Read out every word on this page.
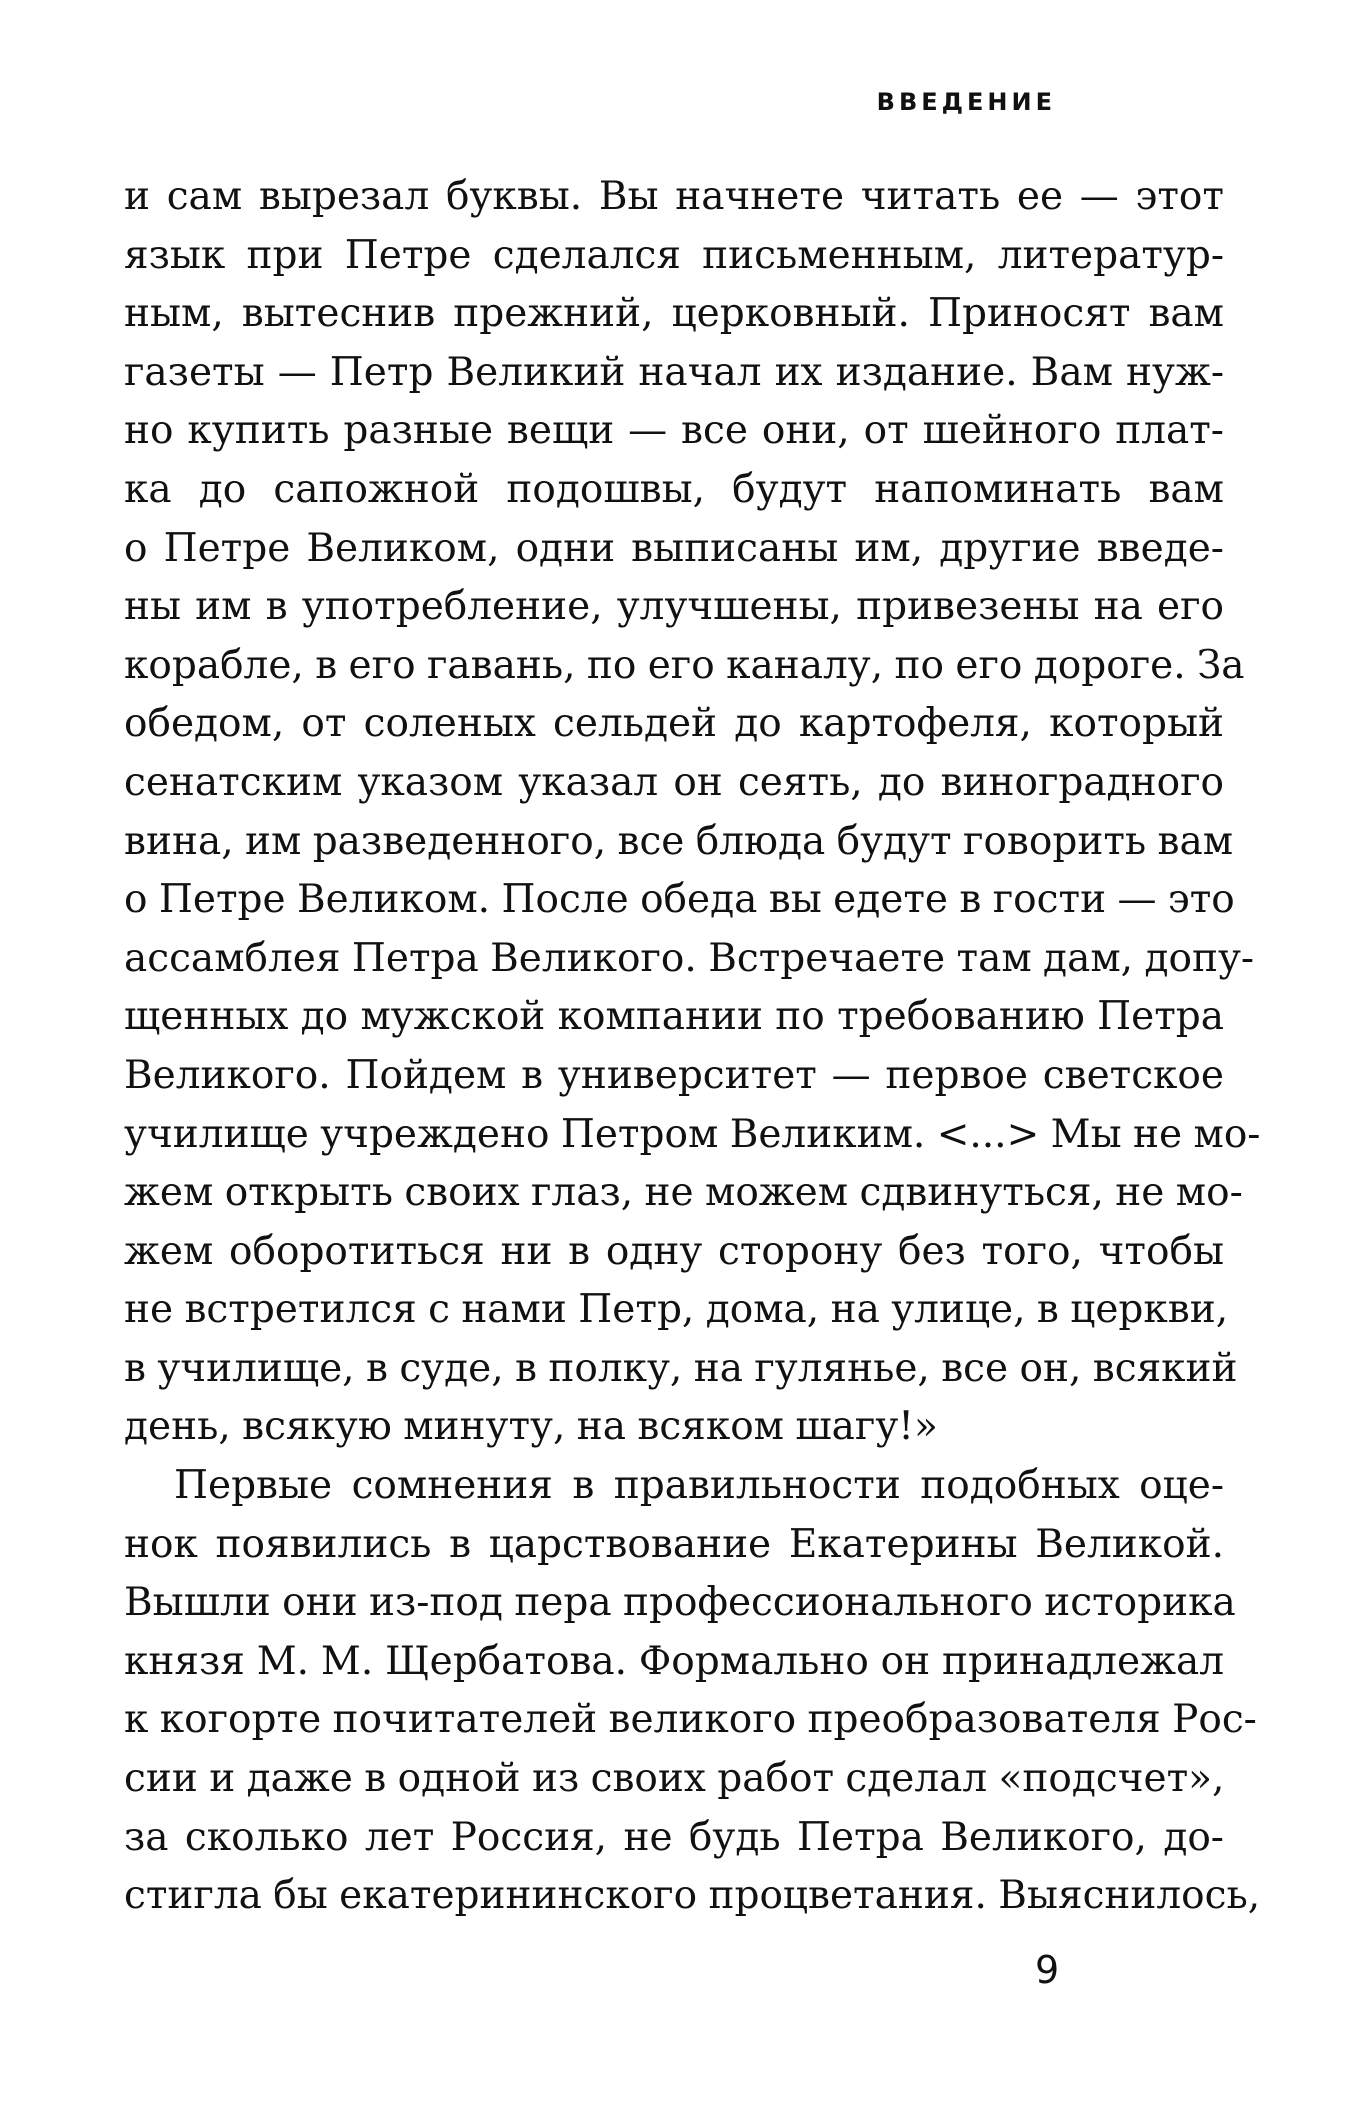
ВВЕДЕНИЕ
и сам вырезал буквы. Вы начнете читать ее — этот
язык при Петре сделался письменным, литератур-
ным, вытеснив прежний, церковный. Приносят вам
газеты — Петр Великий начал их издание. Вам нуж-
но купить разные вещи — все они, от шейного плат-
ка до сапожной подошвы, будут напоминать вам
о Петре Великом, одни выписаны им, другие введе-
ны им в употребление, улучшены, привезены на его
корабле, в его гавань, по его каналу, по его дороге. За
обедом, от соленых сельдей до картофеля, который
сенатским указом указал он сеять, до виноградного
вина, им разведенного, все блюда будут говорить вам
о Петре Великом. После обеда вы едете в гости — это
ассамблея Петра Великого. Встречаете там дам, допу-
щенных до мужской компании по требованию Петра
Великого. Пойдем в университет — первое светское
училище учреждено Петром Великим. <...> Мы не мо-
жем открыть своих глаз, не можем сдвинуться, не мо-
жем оборотиться ни в одну сторону без того, чтобы
не встретился с нами Петр, дома, на улице, в церкви,
в училище, в суде, в полку, на гулянье, все он, всякий
день, всякую минуту, на всяком шагу!»
Первые сомнения в правильности подобных оце-
нок появились в царствование Екатерины Великой.
Вышли они из-под пера профессионального историка
князя М. М. Щербатова. Формально он принадлежал
к когорте почитателей великого преобразователя Рос-
сии и даже в одной из своих работ сделал «подсчет»,
за сколько лет Россия, не будь Петра Великого, до-
стигла бы екатерининского процветания. Выяснилось,
9
